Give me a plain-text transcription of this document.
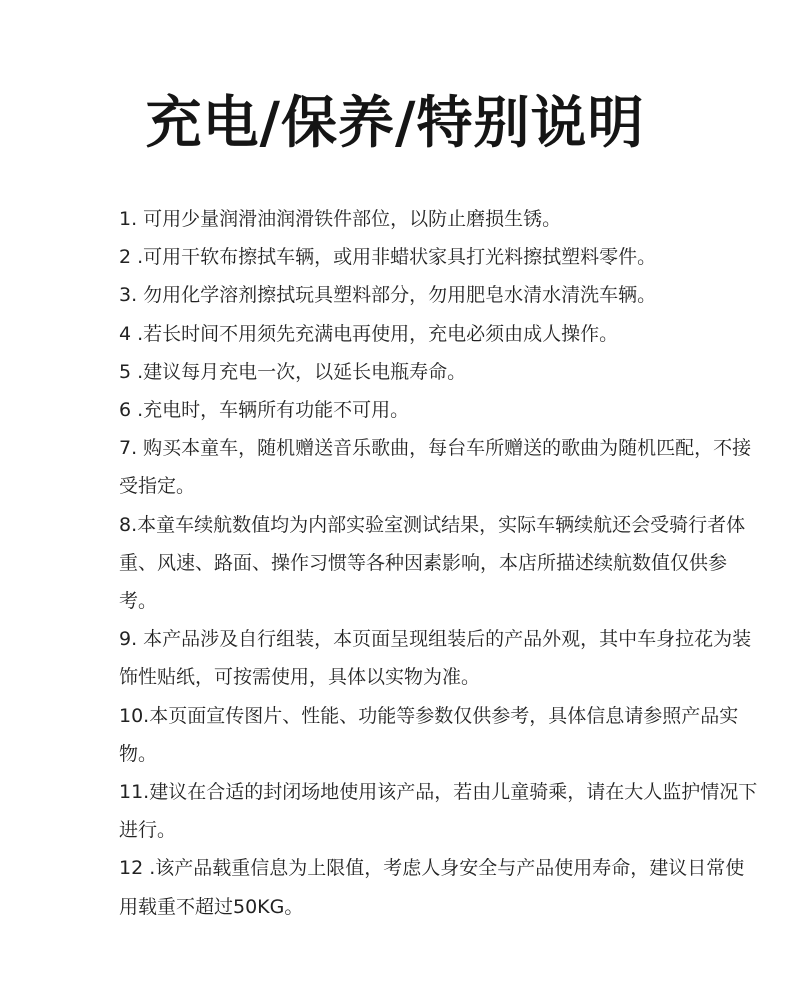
充电/保养/特别说明
1. 可用少量润滑油润滑铁件部位，以防止磨损生锈。
2 .可用干软布擦拭车辆，或用非蜡状家具打光料擦拭塑料零件。
3. 勿用化学溶剂擦拭玩具塑料部分，勿用肥皂水清水清洗车辆。
4 .若长时间不用须先充满电再使用，充电必须由成人操作。
5 .建议每月充电一次，以延长电瓶寿命。
6 .充电时，车辆所有功能不可用。
7. 购买本童车，随机赠送音乐歌曲，每台车所赠送的歌曲为随机匹配，不接受指定。
8.本童车续航数值均为内部实验室测试结果，实际车辆续航还会受骑行者体重、风速、路面、操作习惯等各种因素影响，本店所描述续航数值仅供参考。
9. 本产品涉及自行组装，本页面呈现组装后的产品外观，其中车身拉花为装饰性贴纸，可按需使用，具体以实物为准。
10.本页面宣传图片、性能、功能等参数仅供参考，具体信息请参照产品实物。
11.建议在合适的封闭场地使用该产品，若由儿童骑乘，请在大人监护情况下进行。
12 .该产品载重信息为上限值，考虑人身安全与产品使用寿命，建议日常使用载重不超过50KG。
